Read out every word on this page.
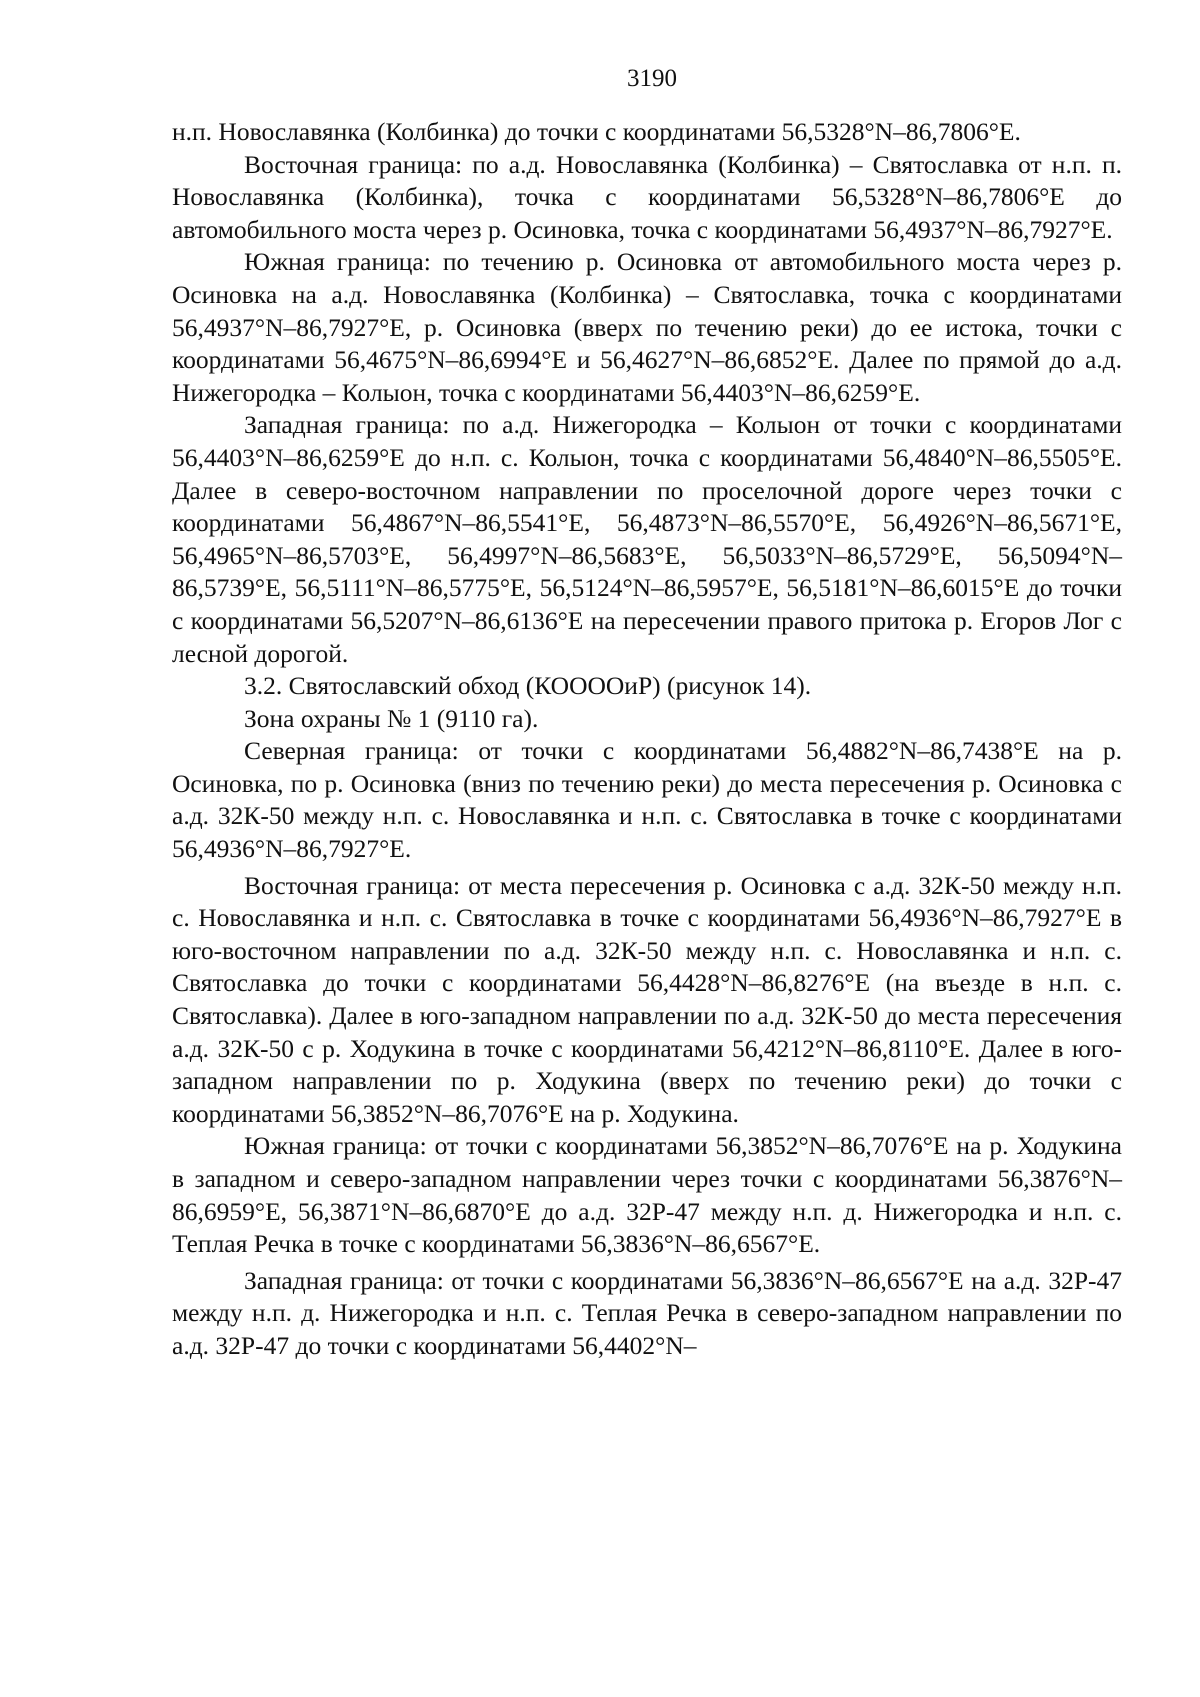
3190

н.п. Новославянка (Колбинка) до точки с координатами 56,5328°N–86,7806°E.

Восточная граница: по а.д. Новославянка (Колбинка) – Святославка от н.п. п. Новославянка (Колбинка), точка с координатами 56,5328°N–86,7806°E до автомобильного моста через р. Осиновка, точка с координатами 56,4937°N–86,7927°E.

Южная граница: по течению р. Осиновка от автомобильного моста через р. Осиновка на а.д. Новославянка (Колбинка) – Святославка, точка с координатами 56,4937°N–86,7927°E, р. Осиновка (вверх по течению реки) до ее истока, точки с координатами 56,4675°N–86,6994°E и 56,4627°N–86,6852°E. Далее по прямой до а.д. Нижегородка – Колыон, точка с координатами 56,4403°N–86,6259°E.

Западная граница: по а.д. Нижегородка – Колыон от точки с координатами 56,4403°N–86,6259°E до н.п. с. Колыон, точка с координатами 56,4840°N–86,5505°E. Далее в северо-восточном направлении по проселочной дороге через точки с координатами 56,4867°N–86,5541°E, 56,4873°N–86,5570°E, 56,4926°N–86,5671°E, 56,4965°N–86,5703°E, 56,4997°N–86,5683°E, 56,5033°N–86,5729°E, 56,5094°N–86,5739°E, 56,5111°N–86,5775°E, 56,5124°N–86,5957°E, 56,5181°N–86,6015°E до точки с координатами 56,5207°N–86,6136°E на пересечении правого притока р. Егоров Лог с лесной дорогой.

3.2. Святославский обход (КОООOиР) (рисунок 14).

Зона охраны № 1 (9110 га).

Северная граница: от точки с координатами 56,4882°N–86,7438°E на р. Осиновка, по р. Осиновка (вниз по течению реки) до места пересечения р. Осиновка с а.д. 32К-50 между н.п. с. Новославянка и н.п. с. Святославка в точке с координатами 56,4936°N–86,7927°E.

Восточная граница: от места пересечения р. Осиновка с а.д. 32К-50 между н.п. с. Новославянка и н.п. с. Святославка в точке с координатами 56,4936°N–86,7927°E в юго-восточном направлении по а.д. 32К-50 между н.п. с. Новославянка и н.п. с. Святославка до точки с координатами 56,4428°N–86,8276°E (на въезде в н.п. с. Святославка). Далее в юго-западном направлении по а.д. 32К-50 до места пересечения а.д. 32К-50 с р. Ходукина в точке с координатами 56,4212°N–86,8110°E. Далее в юго-западном направлении по р. Ходукина (вверх по течению реки) до точки с координатами 56,3852°N–86,7076°E на р. Ходукина.

Южная граница: от точки с координатами 56,3852°N–86,7076°E на р. Ходукина в западном и северо-западном направлении через точки с координатами 56,3876°N–86,6959°E, 56,3871°N–86,6870°E до а.д. 32Р-47 между н.п. д. Нижегородка и н.п. с. Теплая Речка в точке с координатами 56,3836°N–86,6567°E.

Западная граница: от точки с координатами 56,3836°N–86,6567°E на а.д. 32Р-47 между н.п. д. Нижегородка и н.п. с. Теплая Речка в северо-западном направлении по а.д. 32Р-47 до точки с координатами 56,4402°N–
